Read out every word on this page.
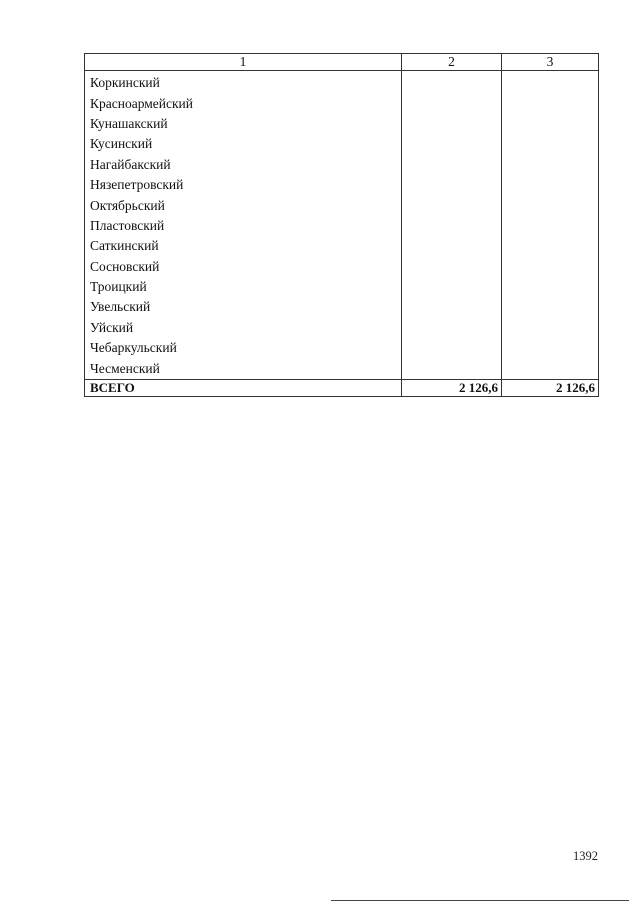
1	2	3
Коркинский		
Красноармейский		
Кунашакский		
Кусинский		
Нагайбакский		
Нязепетровский		
Октябрьский		
Пластовский		
Саткинский		
Сосновский		
Троицкий		
Увельский		
Уйский		
Чебаркульский		
Чесменский		
ВСЕГО	2 126,6	2 126,6
1392
